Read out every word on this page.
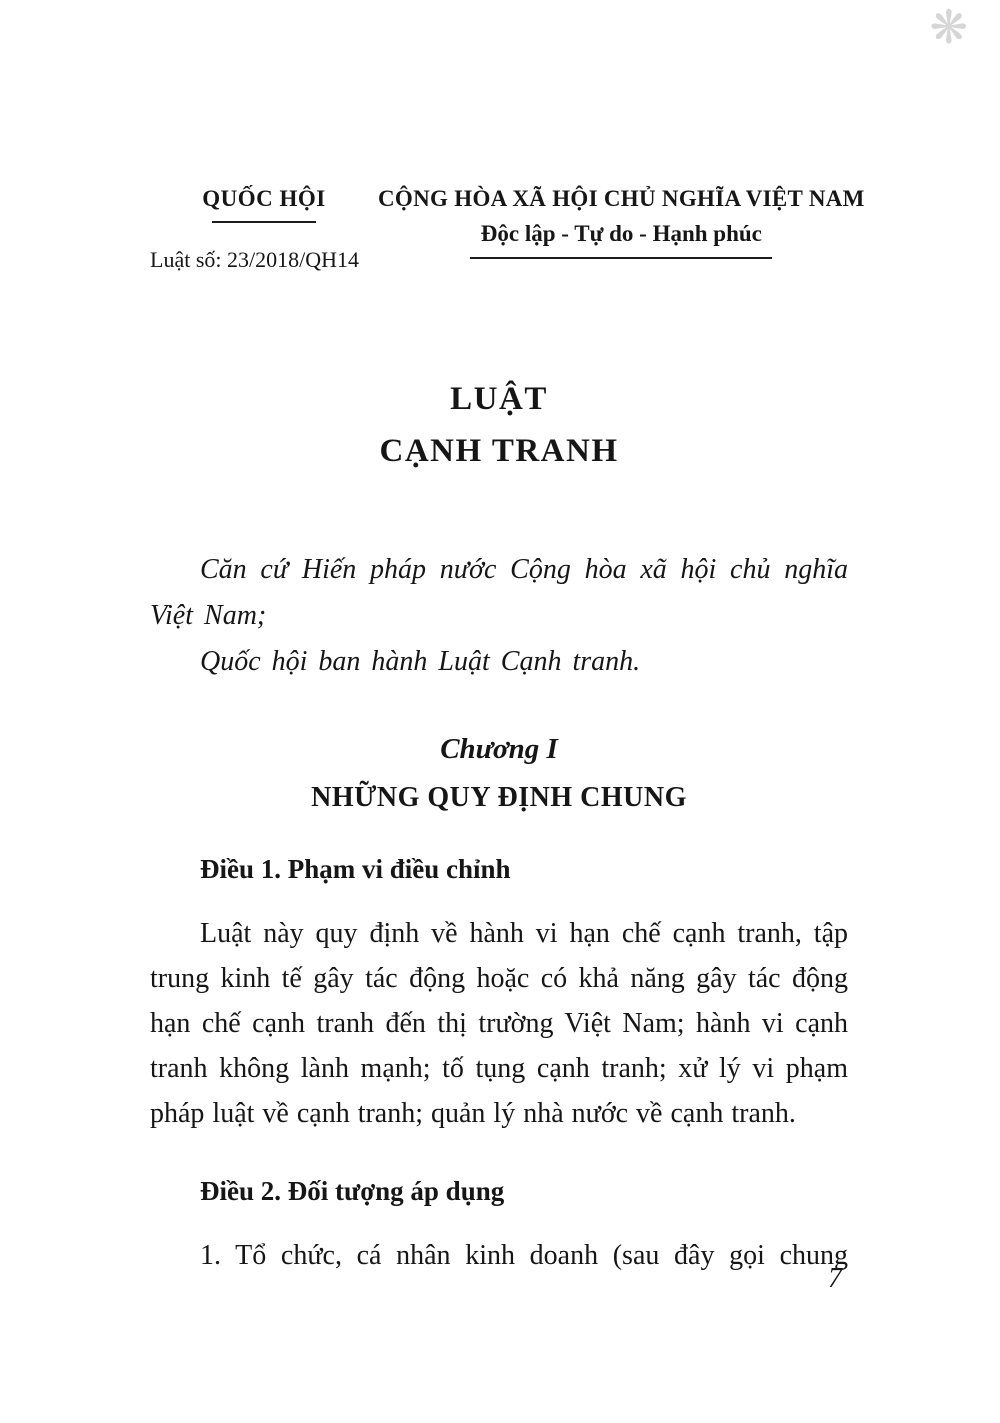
❋
QUỐC HỘI
Luật số: 23/2018/QH14
CỘNG HÒA XÃ HỘI CHỦ NGHĨA VIỆT NAM
Độc lập - Tự do - Hạnh phúc
LUẬT
CẠNH TRANH

Căn cứ Hiến pháp nước Cộng hòa xã hội chủ nghĩa Việt Nam;

Quốc hội ban hành Luật Cạnh tranh.

Chương I
NHỮNG QUY ĐỊNH CHUNG

Điều 1. Phạm vi điều chỉnh

Luật này quy định về hành vi hạn chế cạnh tranh, tập trung kinh tế gây tác động hoặc có khả năng gây tác động hạn chế cạnh tranh đến thị trường Việt Nam; hành vi cạnh tranh không lành mạnh; tố tụng cạnh tranh; xử lý vi phạm pháp luật về cạnh tranh; quản lý nhà nước về cạnh tranh.

Điều 2. Đối tượng áp dụng

1. Tổ chức, cá nhân kinh doanh (sau đây gọi chung

7
